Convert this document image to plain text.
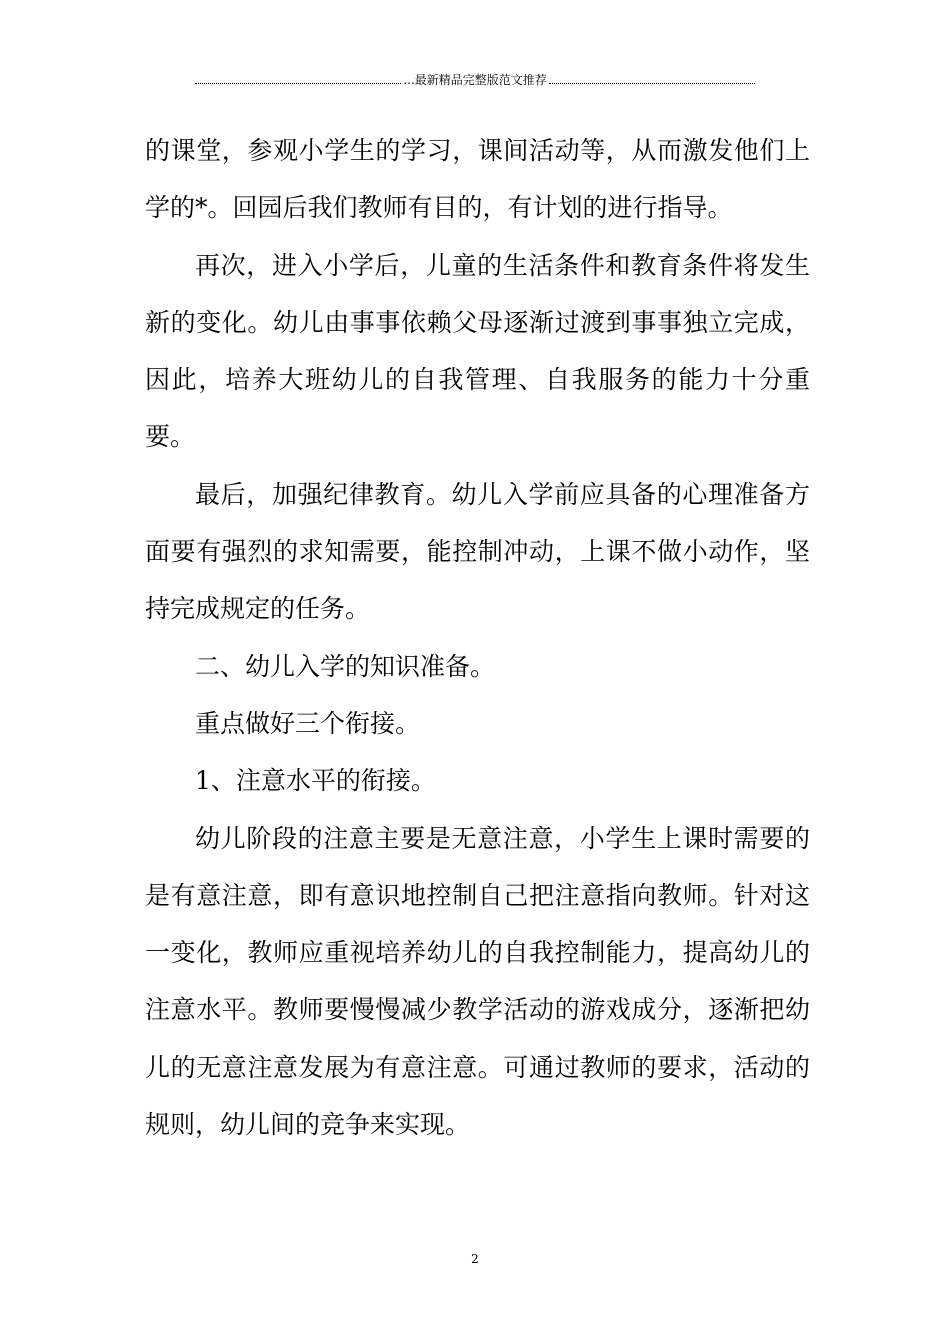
...最新精品完整版范文推荐

的课堂，参观小学生的学习，课间活动等，从而激发他们上学的*。回园后我们教师有目的，有计划的进行指导。

再次，进入小学后，儿童的生活条件和教育条件将发生新的变化。幼儿由事事依赖父母逐渐过渡到事事独立完成，因此，培养大班幼儿的自我管理、自我服务的能力十分重要。

最后，加强纪律教育。幼儿入学前应具备的心理准备方面要有强烈的求知需要，能控制冲动，上课不做小动作，坚持完成规定的任务。

二、幼儿入学的知识准备。

重点做好三个衔接。

1、注意水平的衔接。

幼儿阶段的注意主要是无意注意，小学生上课时需要的是有意注意，即有意识地控制自己把注意指向教师。针对这一变化，教师应重视培养幼儿的自我控制能力，提高幼儿的注意水平。教师要慢慢减少教学活动的游戏成分，逐渐把幼儿的无意注意发展为有意注意。可通过教师的要求，活动的规则，幼儿间的竞争来实现。

2
